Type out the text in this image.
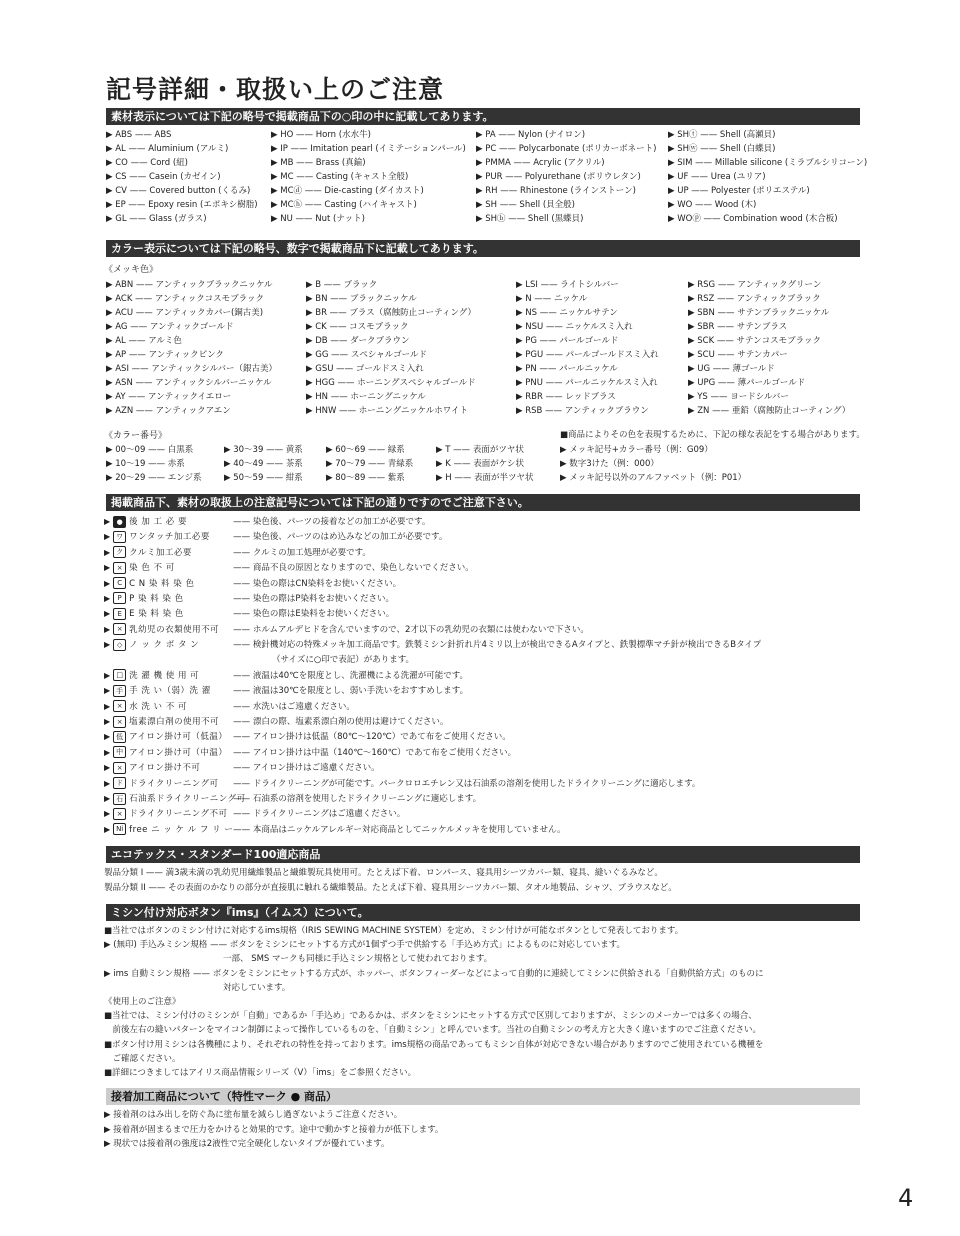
記号詳細・取扱い上のご注意
素材表示については下記の略号で掲載商品下の○印の中に記載してあります。
▶ ABS —— ABS
▶ AL —— Aluminium (アルミ)
▶ CO —— Cord (紐)
▶ CS —— Casein (カゼイン)
▶ CV —— Covered button (くるみ)
▶ EP —— Epoxy resin (エポキシ樹脂)
▶ GL —— Glass (ガラス)
▶ HO —— Horn (水水牛)
▶ IP —— Imitation pearl (イミテーションパール)
▶ MB —— Brass (真鍮)
▶ MC —— Casting (キャスト全般)
▶ MCⓓ —— Die-casting (ダイカスト)
▶ MCⓗ —— Casting (ハイキャスト)
▶ NU —— Nut (ナット)
▶ PA —— Nylon (ナイロン)
▶ PC —— Polycarbonate (ポリカーボネート)
▶ PMMA —— Acrylic (アクリル)
▶ PUR —— Polyurethane (ポリウレタン)
▶ RH —— Rhinestone (ラインストーン)
▶ SH —— Shell (貝全般)
▶ SHⓑ —— Shell (黒蝶貝)
▶ SHⓣ —— Shell (高瀬貝)
▶ SHⓦ —— Shell (白蝶貝)
▶ SIM —— Millable silicone (ミラブルシリコーン)
▶ UF —— Urea (ユリア)
▶ UP —— Polyester (ポリエステル)
▶ WO —— Wood (木)
▶ WOⓟ —— Combination wood (木合板)
カラー表示については下記の略号、数字で掲載商品下に記載してあります。
《メッキ色》
▶ ABN —— アンティックブラックニッケル
▶ ACK —— アンティックコスモブラック
▶ ACU —— アンティックカパー(銅古美)
▶ AG —— アンティックゴールド
▶ AL —— アルミ色
▶ AP —— アンティックピンク
▶ ASI —— アンティックシルバー（銀古美）
▶ ASN —— アンティックシルバーニッケル
▶ AY —— アンティックイエロー
▶ AZN —— アンティックアエン
▶ B —— ブラック
▶ BN —— ブラックニッケル
▶ BR —— ブラス（腐蝕防止コーティング）
▶ CK —— コスモブラック
▶ DB —— ダークブラウン
▶ GG —— スペシャルゴールド
▶ GSU —— ゴールドスミ入れ
▶ HGG —— ホーニングスペシャルゴールド
▶ HN —— ホーニングニッケル
▶ HNW —— ホーニングニッケルホワイト
▶ LSI —— ライトシルバー
▶ N —— ニッケル
▶ NS —— ニッケルサテン
▶ NSU —— ニッケルスミ入れ
▶ PG —— パールゴールド
▶ PGU —— パールゴールドスミ入れ
▶ PN —— パールニッケル
▶ PNU —— パールニッケルスミ入れ
▶ RBR —— レッドブラス
▶ RSB —— アンティックブラウン
▶ RSG —— アンティックグリーン
▶ RSZ —— アンティックブラック
▶ SBN —— サテンブラックニッケル
▶ SBR —— サテンブラス
▶ SCK —— サテンコスモブラック
▶ SCU —— サテンカパー
▶ UG —— 薄ゴールド
▶ UPG —— 薄パールゴールド
▶ YS —— ヨードシルバー
▶ ZN —— 亜鉛（腐蝕防止コーティング）
《カラー番号》
▶ 00〜09 —— 白黒系
▶ 10〜19 —— 赤系
▶ 20〜29 —— エンジ系
▶ 30〜39 —— 黄系
▶ 40〜49 —— 茶系
▶ 50〜59 —— 紺系
▶ 60〜69 —— 緑系
▶ 70〜79 —— 青緑系
▶ 80〜89 —— 紫系
▶ T —— 表面がツヤ状
▶ K —— 表面がケシ状
▶ H —— 表面が半ツヤ状
■商品によりその色を表現するために、下記の様な表記をする場合があります。
▶ メッキ記号+カラー番号（例：G09）
▶ 数字3けた（例：000）
▶ メッキ記号以外のアルファベット（例：P01）
掲載商品下、素材の取扱上の注意記号については下記の通りですのでご注意下さい。
▶ ● 後 加 工 必 要	—— 染色後、パーツの接着などの加工が必要です。
▶ ワ ワンタッチ加工必要	—— 染色後、パーツのはめ込みなどの加工が必要です。
▶ ク クルミ加工必要	—— クルミの加工処理が必要です。
▶ × 染 色 不 可	—— 商品不良の原因となりますので、染色しないでください。
▶ C C N 染 料 染 色	—— 染色の際はCN染料をお使いください。
▶ P P 染 料 染 色	—— 染色の際はP染料をお使いください。
▶ E E 染 料 染 色	—— 染色の際はE染料をお使いください。
▶ × 乳幼児の衣類使用不可 —— ホルムアルデヒドを含んでいますので、2才以下の乳幼児の衣類には使わないで下さい。
▶ ◇ ノ ッ ク ボ タ ン	—— 検針機対応の特殊メッキ加工商品です。鉄製ミシン針折れ片4ミリ以上が検出できるAタイプと、鉄製標準マチ針が検出できるBタイプ
（サイズに○印で表記）があります。
▶ □ 洗 濯 機 使 用 可	—— 液温は40℃を限度とし、洗濯機による洗濯が可能です。
▶ 手 手 洗 い（弱）洗 濯	—— 液温は30℃を限度とし、弱い手洗いをおすすめします。
▶ × 水 洗 い 不 可	—— 水洗いはご遠慮ください。
▶ × 塩素漂白剤の使用不可 —— 漂白の際、塩素系漂白剤の使用は避けてください。
▶ 低 アイロン掛け可（低温） —— アイロン掛けは低温（80℃〜120℃）であて布をご使用ください。
▶ 中 アイロン掛け可（中温） —— アイロン掛けは中温（140℃〜160℃）であて布をご使用ください。
▶ × アイロン掛け不可	—— アイロン掛けはご遠慮ください。
▶ ド ドライクリーニング可 —— ドライクリーニングが可能です。パークロロエチレン又は石油系の溶剤を使用したドライクリーニングに適応します。
▶ 石 石油系ドライクリーニング可—— 石油系の溶剤を使用したドライクリーニングに適応します。
▶ × ドライクリーニング不可 —— ドライクリーニングはご遠慮ください。
▶ Ni free ニ ッ ケ ル フ リ ー—— 本商品はニッケルアレルギー対応商品としてニッケルメッキを使用していません。
エコテックス・スタンダード100適応商品
製品分類 I —— 満3歳未満の乳幼児用繊維製品と繊維製玩具使用可。たとえば下着、ロンパース、寝具用シーツカバー類、寝具、縫いぐるみなど。
製品分類 II —— その表面のかなりの部分が直接肌に触れる繊維製品。たとえば下着、寝具用シーツカバー類、タオル地製品、シャツ、ブラウスなど。
ミシン付け対応ボタン『ims』（イムス）について。
■当社ではボタンのミシン付けに対応するims規格（IRIS SEWING MACHINE SYSTEM）を定め、ミシン付けが可能なボタンとして発表しております。
▶ (無印) 手込みミシン規格 —— ボタンをミシンにセットする方式が1個ずつ手で供給する「手込め方式」によるものに対応しています。
　　　　　　　　　　　　　　一部、 SMS マークも同様に手込ミシン規格として使われております。
▶ ims 自動ミシン規格 —— ボタンをミシンにセットする方式が、ホッパー、ボタンフィーダーなどによって自動的に連続してミシンに供給される「自動供給方式」のものに
　　　　　　　　　　　　　　対応しています。
《使用上のご注意》
■当社では、ミシン付けのミシンが「自動」であるか「手込め」であるかは、ボタンをミシンにセットする方式で区別しておりますが、ミシンのメーカーでは多くの場合、
　前後左右の縫いパターンをマイコン制御によって操作しているものを、「自動ミシン」と呼んでいます。当社の自動ミシンの考え方と大きく違いますのでご注意ください。
■ボタン付け用ミシンは各機種により、それぞれの特性を持っております。ims規格の商品であってもミシン自体が対応できない場合がありますのでご使用されている機種を
　ご確認ください。
■詳細につきましてはアイリス商品情報シリーズ（V）「ims」をご参照ください。
接着加工商品について（特性マーク ● 商品）
▶ 接着剤のはみ出しを防ぐ為に塗布量を減らし過ぎないようご注意ください。
▶ 接着剤が固まるまで圧力をかけると効果的です。途中で動かすと接着力が低下します。
▶ 現状では接着剤の強度は2液性で完全硬化しないタイプが優れています。
4
